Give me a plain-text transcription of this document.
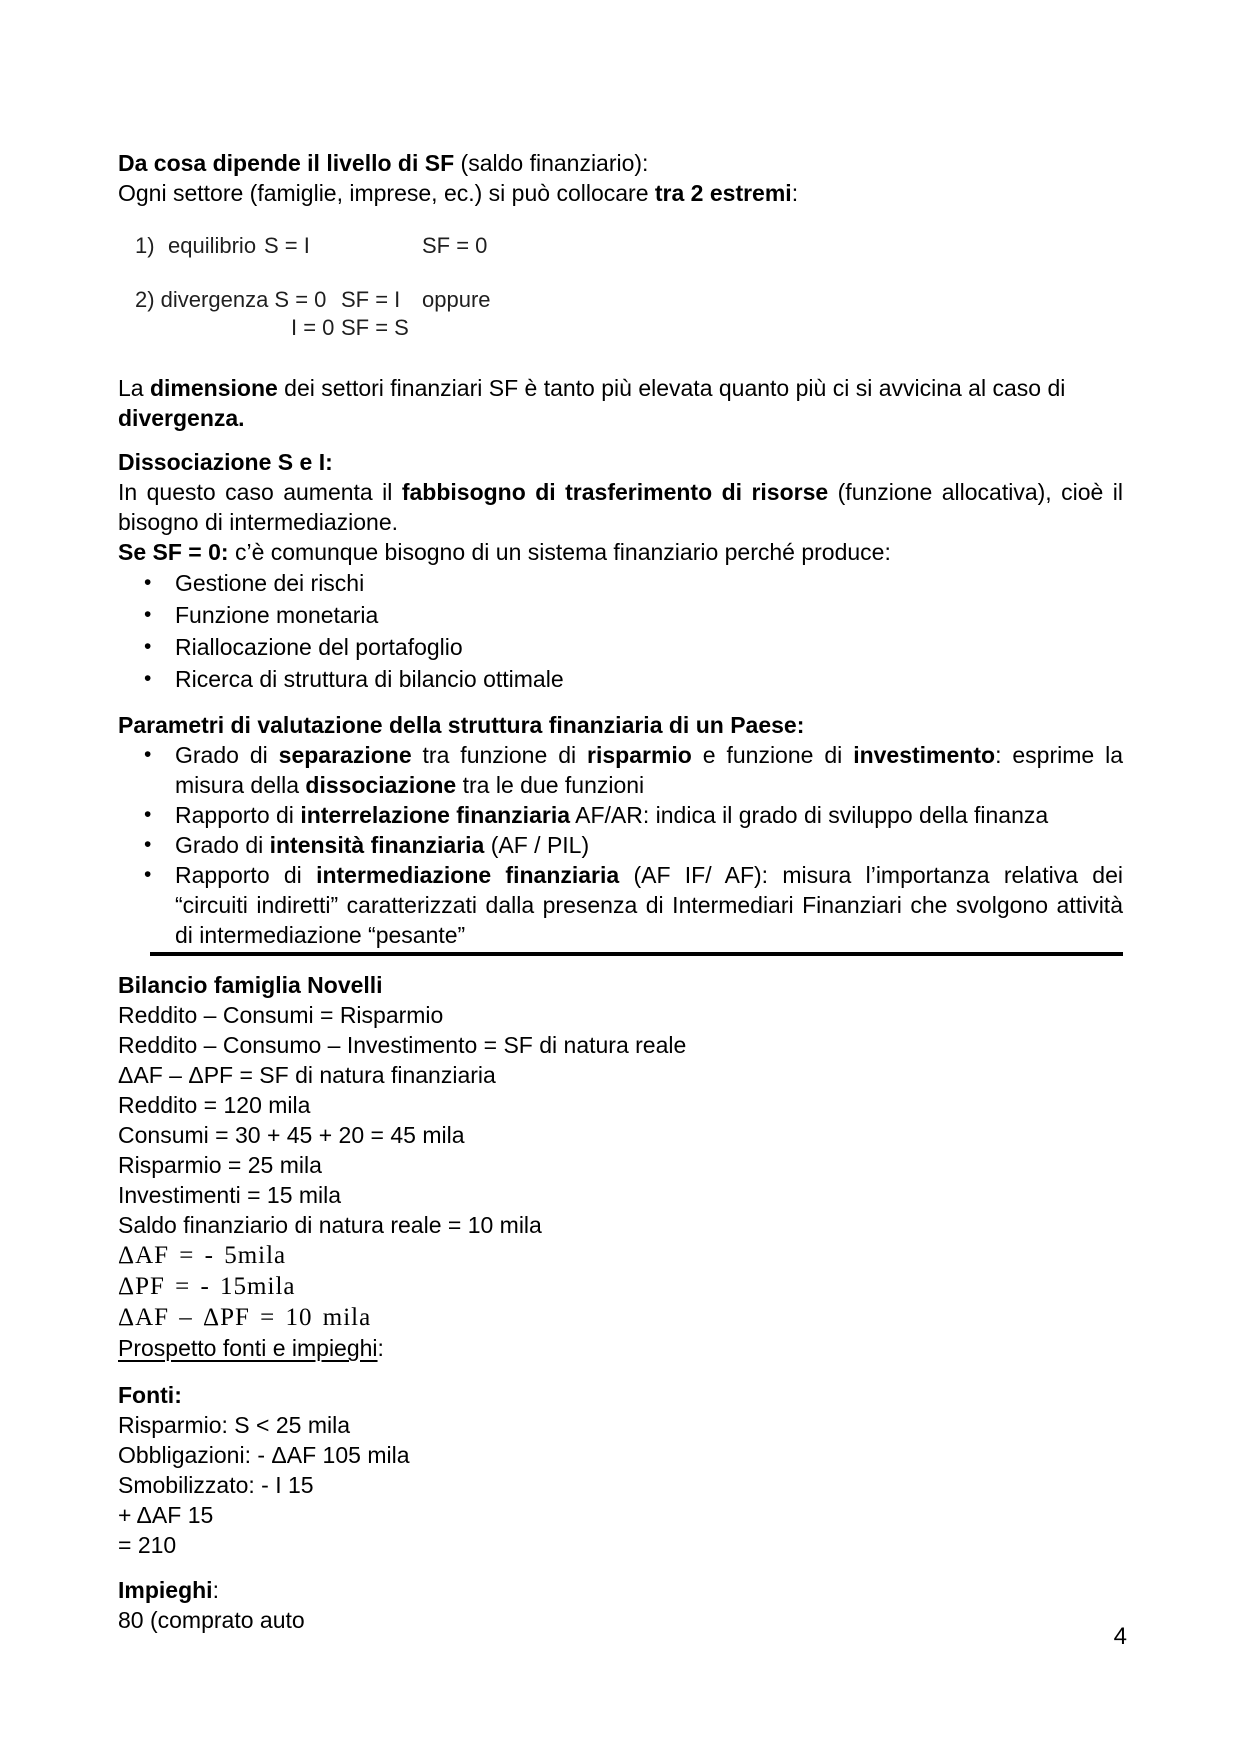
Da cosa dipende il livello di SF (saldo finanziario):

Ogni settore (famiglie, imprese, ec.) si può collocare tra 2 estremi:

1) equilibrio S = I	SF = 0
2) divergenza S = 0 SF = I oppure
I = 0 SF = S

La dimensione dei settori finanziari SF è tanto più elevata quanto più ci si avvicina al caso di divergenza.

Dissociazione S e I:

In questo caso aumenta il fabbisogno di trasferimento di risorse (funzione allocativa), cioè il bisogno di intermediazione.

Se SF = 0: c’è comunque bisogno di un sistema finanziario perché produce:

• Gestione dei rischi
• Funzione monetaria
• Riallocazione del portafoglio
• Ricerca di struttura di bilancio ottimale

Parametri di valutazione della struttura finanziaria di un Paese:

• Grado di separazione tra funzione di risparmio e funzione di investimento: esprime la misura della dissociazione tra le due funzioni
• Rapporto di interrelazione finanziaria AF/AR: indica il grado di sviluppo della finanza
• Grado di intensità finanziaria (AF / PIL)
• Rapporto di intermediazione finanziaria (AF IF/ AF): misura l’importanza relativa dei “circuiti indiretti” caratterizzati dalla presenza di Intermediari Finanziari che svolgono attività di intermediazione “pesante”

Bilancio famiglia Novelli

Reddito – Consumi = Risparmio

Reddito – Consumo – Investimento = SF di natura reale

ΔAF – ΔPF = SF di natura finanziaria

Reddito = 120 mila

Consumi = 30 + 45 + 20 = 45 mila

Risparmio = 25 mila

Investimenti = 15 mila

Saldo finanziario di natura reale = 10 mila

ΔAF = - 5mila

ΔPF = - 15mila

ΔAF – ΔPF = 10 mila

Prospetto fonti e impieghi:

Fonti:

Risparmio: S < 25 mila

Obbligazioni: - ΔAF 105 mila

Smobilizzato: - I 15

+ ΔAF 15

= 210

Impieghi:

80 (comprato auto

4
